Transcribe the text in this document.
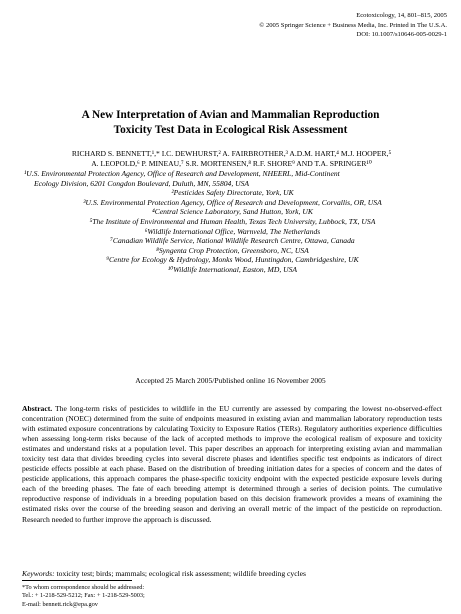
Ecotoxicology, 14, 801–815, 2005
© 2005 Springer Science + Business Media, Inc. Printed in The U.S.A.
DOI: 10.1007/s10646-005-0029-1
A New Interpretation of Avian and Mammalian Reproduction
Toxicity Test Data in Ecological Risk Assessment
RICHARD S. BENNETT,¹,* I.C. DEWHURST,² A. FAIRBROTHER,³ A.D.M. HART,⁴ M.J. HOOPER,⁵
A. LEOPOLD,⁶ P. MINEAU,⁷ S.R. MORTENSEN,⁸ R.F. SHORE⁹ AND T.A. SPRINGER¹⁰
¹U.S. Environmental Protection Agency, Office of Research and Development, NHEERL, Mid-Continent
Ecology Division, 6201 Congdon Boulevard, Duluth, MN, 55804, USA
²Pesticides Safety Directorate, York, UK
³U.S. Environmental Protection Agency, Office of Research and Development, Corvallis, OR, USA
⁴Central Science Laboratory, Sand Hutton, York, UK
⁵The Institute of Environmental and Human Health, Texas Tech University, Lubbock, TX, USA
⁶Wildlife International Office, Warnveld, The Netherlands
⁷Canadian Wildlife Service, National Wildlife Research Centre, Ottawa, Canada
⁸Syngenta Crop Protection, Greensboro, NC, USA
⁹Centre for Ecology & Hydrology, Monks Wood, Huntingdon, Cambridgeshire, UK
¹⁰Wildlife International, Easton, MD, USA
Accepted 25 March 2005/Published online 16 November 2005
Abstract. The long-term risks of pesticides to wildlife in the EU currently are assessed by comparing the lowest no-observed-effect concentration (NOEC) determined from the suite of endpoints measured in existing avian and mammalian laboratory reproduction tests with estimated exposure concentrations by calculating Toxicity to Exposure Ratios (TERs). Regulatory authorities experience difficulties when assessing long-term risks because of the lack of accepted methods to improve the ecological realism of exposure and toxicity estimates and understand risks at a population level. This paper describes an approach for interpreting existing avian and mammalian toxicity test data that divides breeding cycles into several discrete phases and identifies specific test endpoints as indicators of direct pesticide effects possible at each phase. Based on the distribution of breeding initiation dates for a species of concern and the dates of pesticide applications, this approach compares the phase-specific toxicity endpoint with the expected pesticide exposure levels during each of the breeding phases. The fate of each breeding attempt is determined through a series of decision points. The cumulative reproductive response of individuals in a breeding population based on this decision framework provides a means of examining the estimated risks over the course of the breeding season and deriving an overall metric of the impact of the pesticide on reproduction. Research needed to further improve the approach is discussed.
Keywords: toxicity test; birds; mammals; ecological risk assessment; wildlife breeding cycles
*To whom correspondence should be addressed:
Tel.: + 1-218-529-5212; Fax: + 1-218-529-5003;
E-mail: bennett.rick@epa.gov
